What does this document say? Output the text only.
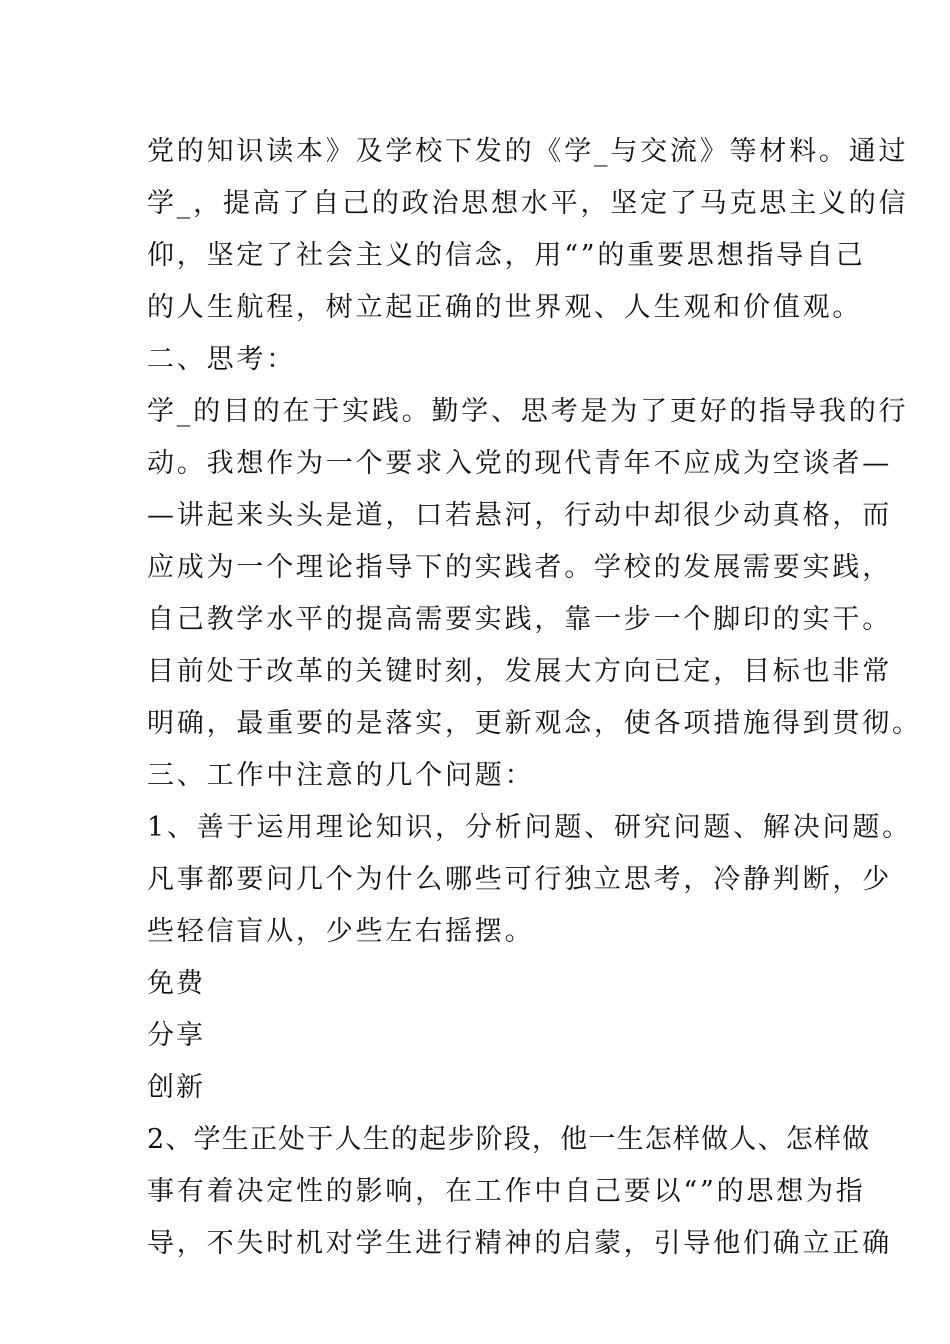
党的知识读本》及学校下发的《学_与交流》等材料。通过
学_，提高了自己的政治思想水平，坚定了马克思主义的信
仰，坚定了社会主义的信念，用“”的重要思想指导自己
的人生航程，树立起正确的世界观、人生观和价值观。
二、思考：
学_的目的在于实践。勤学、思考是为了更好的指导我的行
动。我想作为一个要求入党的现代青年不应成为空谈者—
—讲起来头头是道，口若悬河，行动中却很少动真格，而
应成为一个理论指导下的实践者。学校的发展需要实践，
自己教学水平的提高需要实践，靠一步一个脚印的实干。
目前处于改革的关键时刻，发展大方向已定，目标也非常
明确，最重要的是落实，更新观念，使各项措施得到贯彻。
三、工作中注意的几个问题：
1、善于运用理论知识，分析问题、研究问题、解决问题。
凡事都要问几个为什么哪些可行独立思考，冷静判断，少
些轻信盲从，少些左右摇摆。
免费
分享
创新
2、学生正处于人生的起步阶段，他一生怎样做人、怎样做
事有着决定性的影响，在工作中自己要以“”的思想为指
导，不失时机对学生进行精神的启蒙，引导他们确立正确
